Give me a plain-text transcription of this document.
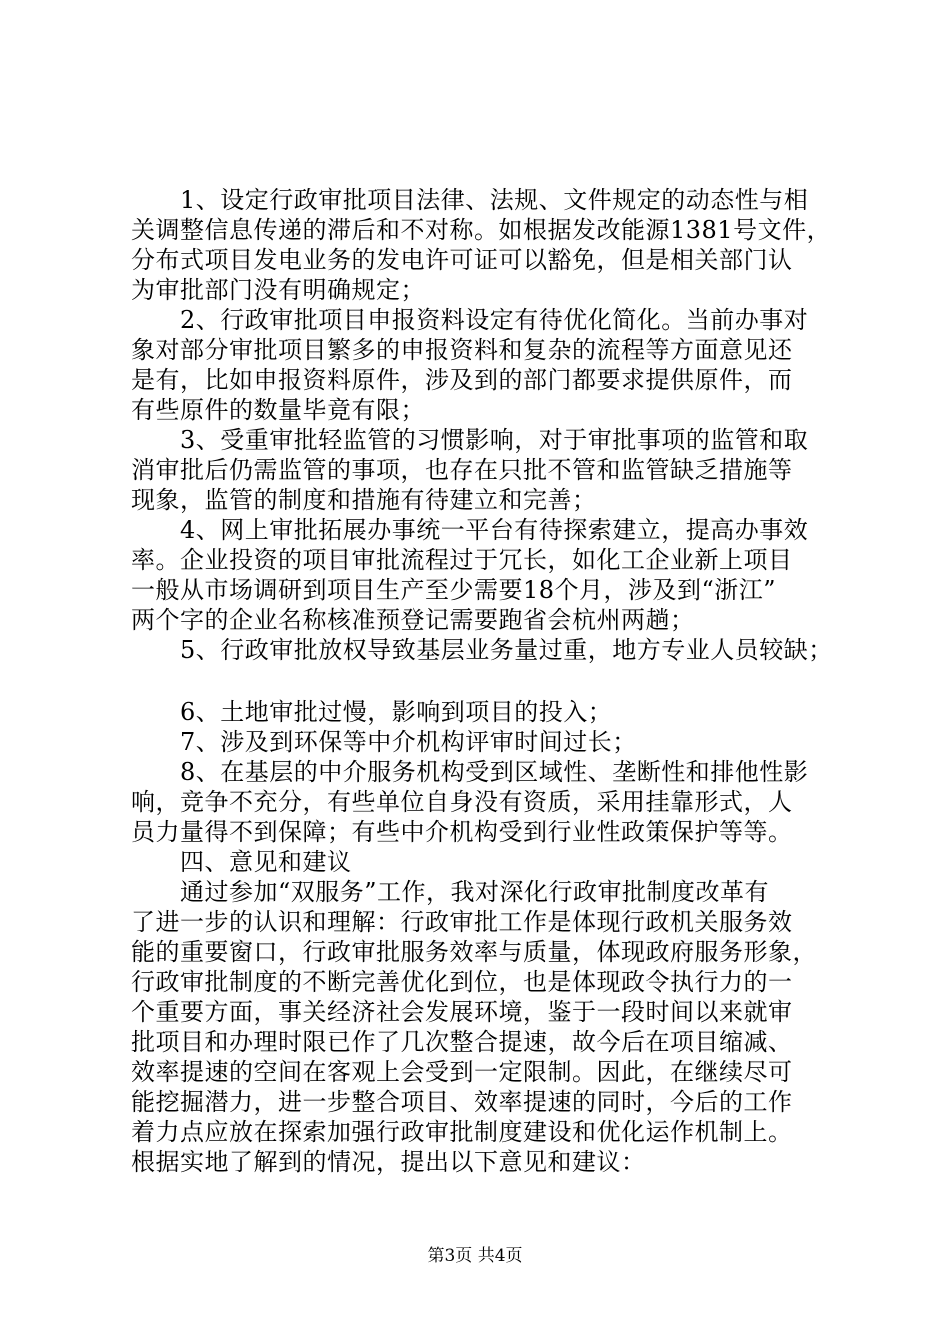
　　1、设定行政审批项目法律、法规、文件规定的动态性与相
关调整信息传递的滞后和不对称。如根据发改能源1381号文件，
分布式项目发电业务的发电许可证可以豁免，但是相关部门认
为审批部门没有明确规定；
　　2、行政审批项目申报资料设定有待优化简化。当前办事对
象对部分审批项目繁多的申报资料和复杂的流程等方面意见还
是有，比如申报资料原件，涉及到的部门都要求提供原件，而
有些原件的数量毕竟有限；
　　3、受重审批轻监管的习惯影响，对于审批事项的监管和取
消审批后仍需监管的事项，也存在只批不管和监管缺乏措施等
现象，监管的制度和措施有待建立和完善；
　　4、网上审批拓展办事统一平台有待探索建立，提高办事效
率。企业投资的项目审批流程过于冗长，如化工企业新上项目
一般从市场调研到项目生产至少需要18个月，涉及到“浙江”
两个字的企业名称核准预登记需要跑省会杭州两趟；
　　5、行政审批放权导致基层业务量过重，地方专业人员较缺；
　　6、土地审批过慢，影响到项目的投入；
　　7、涉及到环保等中介机构评审时间过长；
　　8、在基层的中介服务机构受到区域性、垄断性和排他性影
响，竞争不充分，有些单位自身没有资质，采用挂靠形式，人
员力量得不到保障；有些中介机构受到行业性政策保护等等。
　　四、意见和建议
　　通过参加“双服务”工作，我对深化行政审批制度改革有
了进一步的认识和理解：行政审批工作是体现行政机关服务效
能的重要窗口，行政审批服务效率与质量，体现政府服务形象，
行政审批制度的不断完善优化到位，也是体现政令执行力的一
个重要方面，事关经济社会发展环境，鉴于一段时间以来就审
批项目和办理时限已作了几次整合提速，故今后在项目缩减、
效率提速的空间在客观上会受到一定限制。因此，在继续尽可
能挖掘潜力，进一步整合项目、效率提速的同时，今后的工作
着力点应放在探索加强行政审批制度建设和优化运作机制上。
根据实地了解到的情况，提出以下意见和建议：
第3页 共4页
